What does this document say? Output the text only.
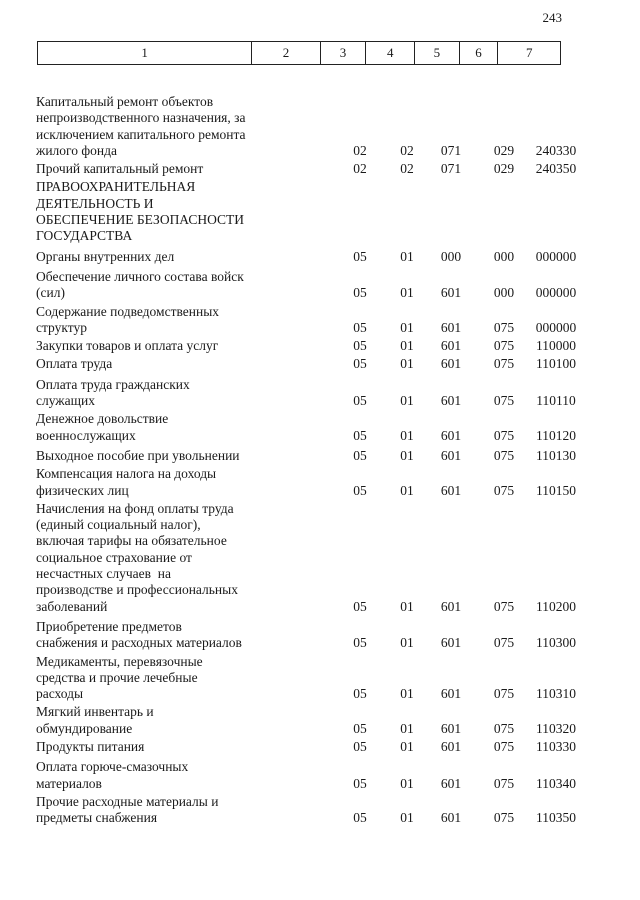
243
1	2	3	4	5	6	7
Капитальный ремонт объектов непроизводственного назначения, за исключением капитального ремонта жилого фонда	02	02	071	029	240330
Прочий капитальный ремонт	02	02	071	029	240350
ПРАВООХРАНИТЕЛЬНАЯ ДЕЯТЕЛЬНОСТЬ И ОБЕСПЕЧЕНИЕ БЕЗОПАСНОСТИ ГОСУДАРСТВА
Органы внутренних дел	05	01	000	000	000000
Обеспечение личного состава войск (сил)	05	01	601	000	000000
Содержание подведомственных структур	05	01	601	075	000000
Закупки товаров и оплата услуг	05	01	601	075	110000
Оплата труда	05	01	601	075	110100
Оплата труда гражданских служащих	05	01	601	075	110110
Денежное довольствие военнослужащих	05	01	601	075	110120
Выходное пособие при увольнении	05	01	601	075	110130
Компенсация налога на доходы физических лиц	05	01	601	075	110150
Начисления на фонд оплаты труда (единый социальный налог), включая тарифы на обязательное социальное страхование от несчастных случаев  на производстве и профессиональных заболеваний	05	01	601	075	110200
Приобретение предметов снабжения и расходных материалов	05	01	601	075	110300
Медикаменты, перевязочные средства и прочие лечебные расходы	05	01	601	075	110310
Мягкий инвентарь и обмундирование	05	01	601	075	110320
Продукты питания	05	01	601	075	110330
Оплата горюче-смазочных материалов	05	01	601	075	110340
Прочие расходные материалы и предметы снабжения	05	01	601	075	110350
